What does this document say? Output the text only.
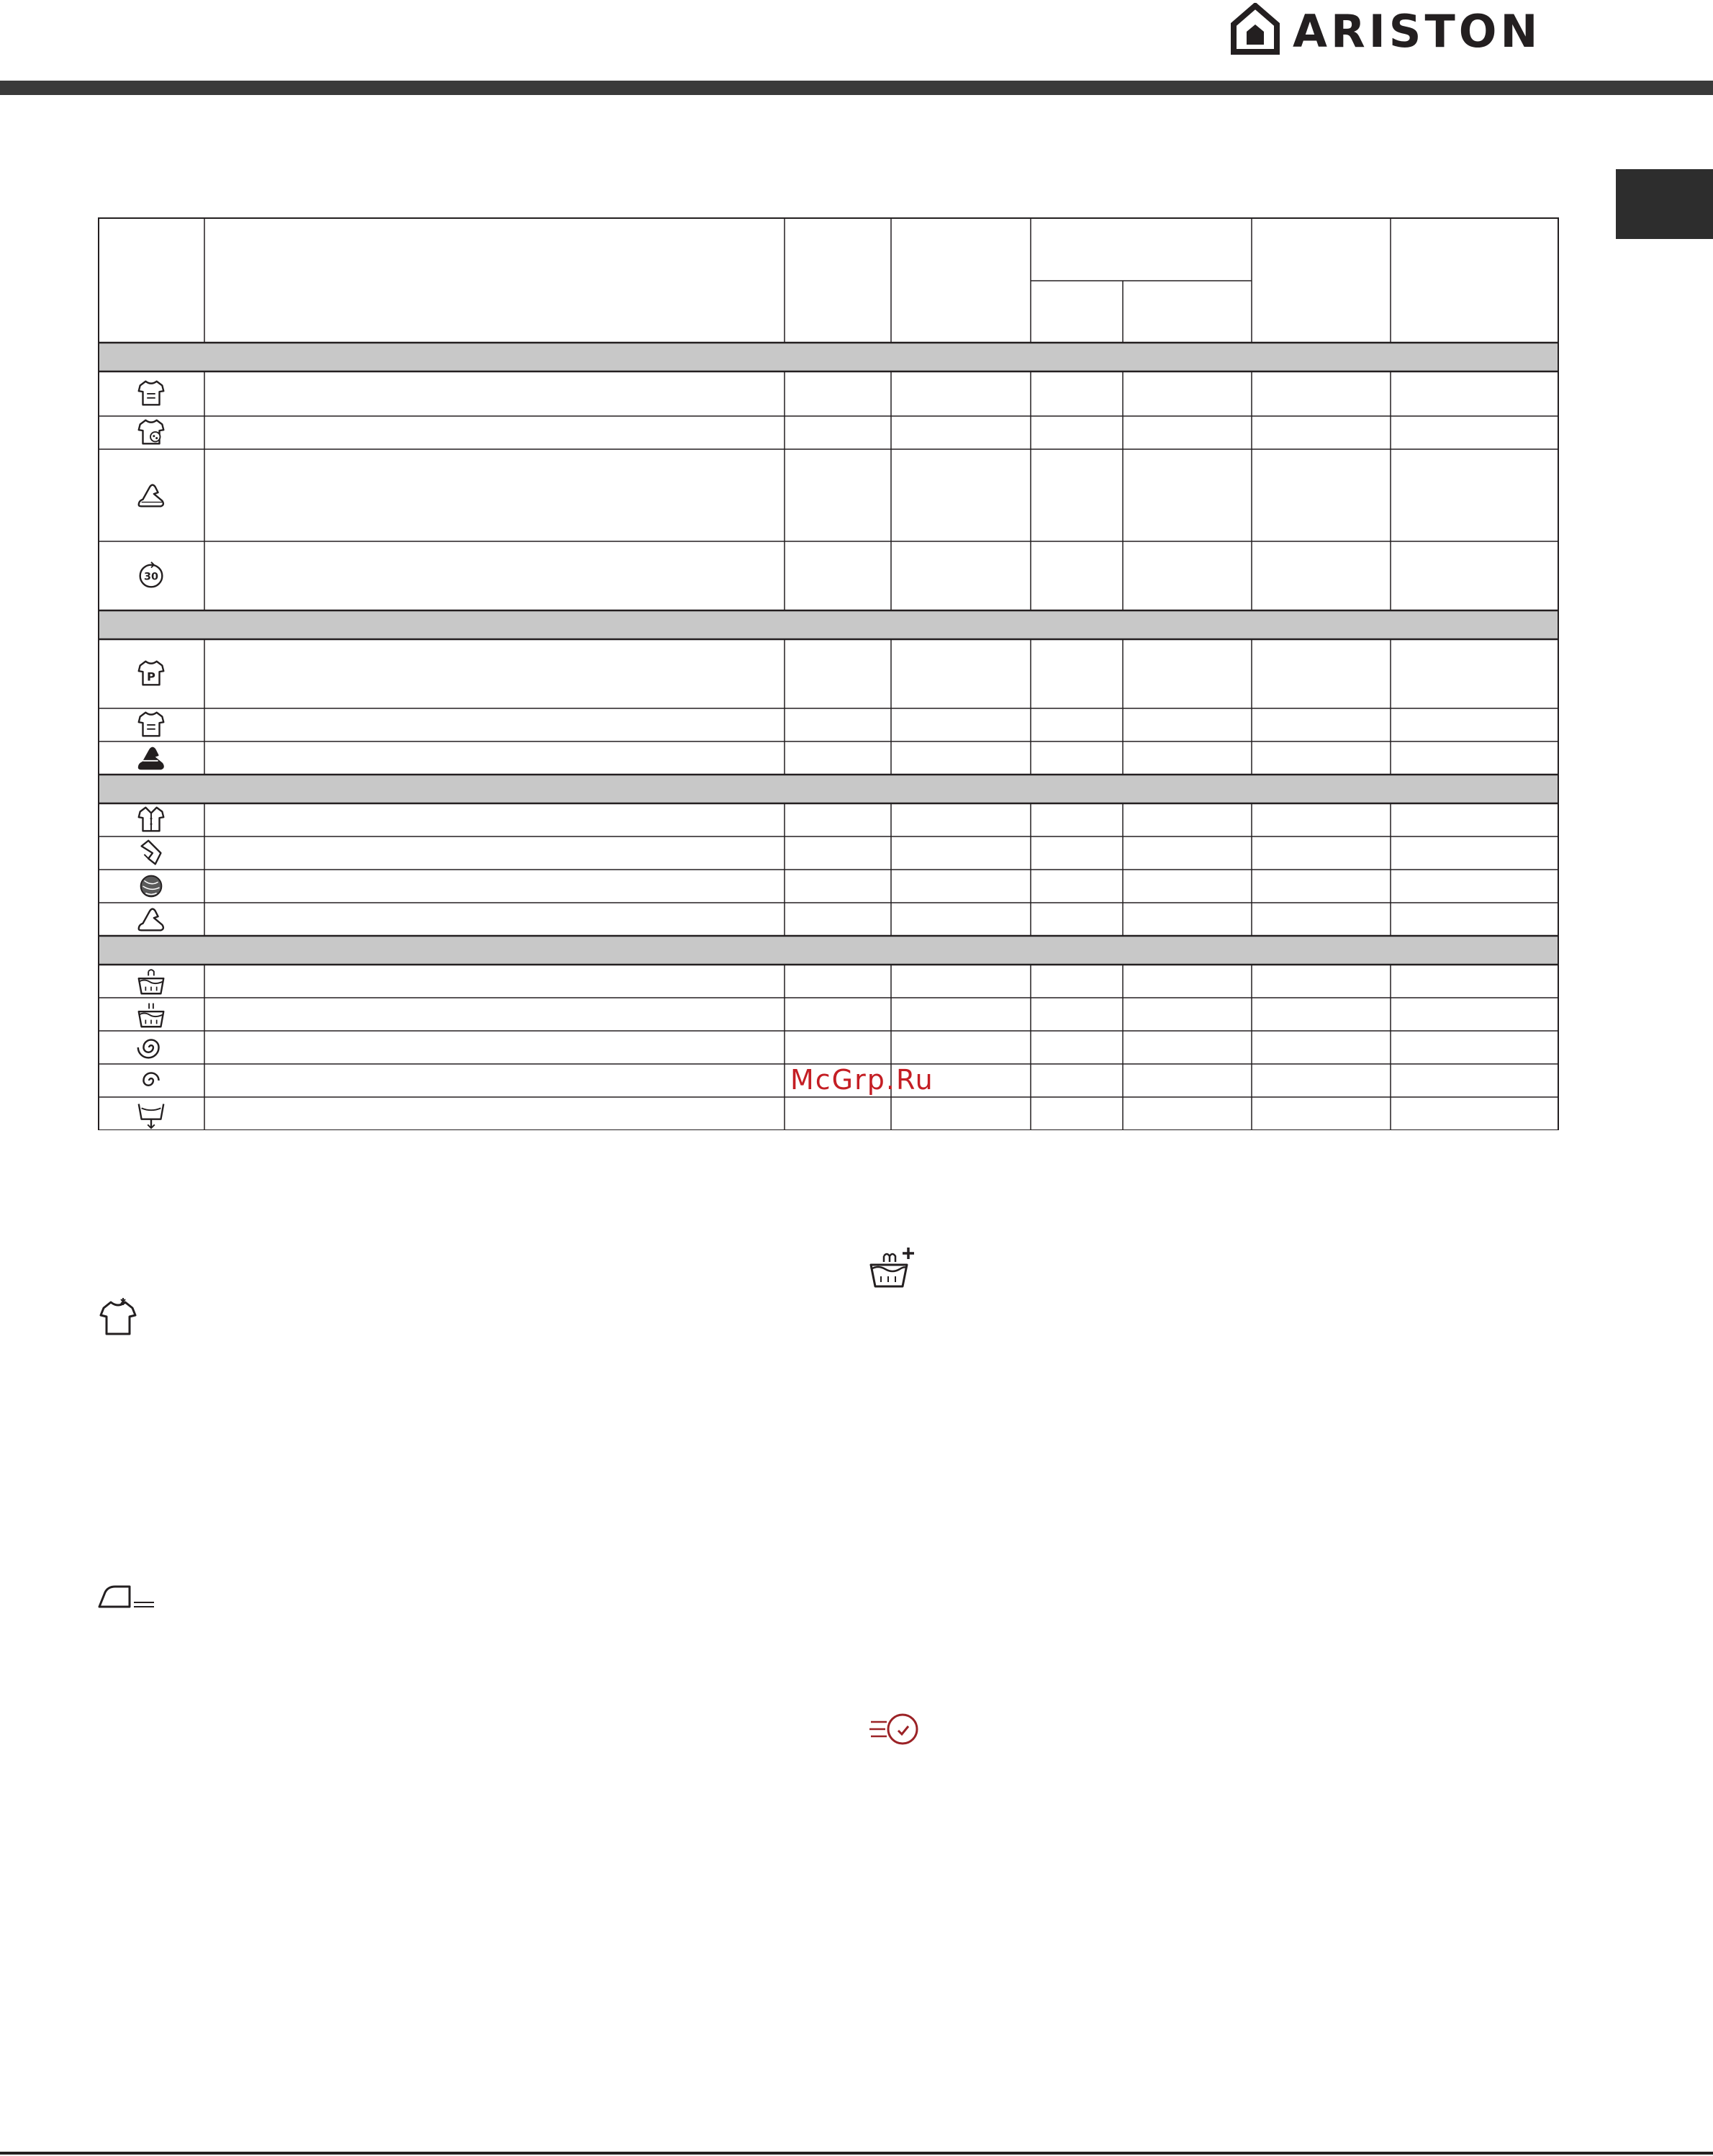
ARISTON
30
P
McGrp.Ru
